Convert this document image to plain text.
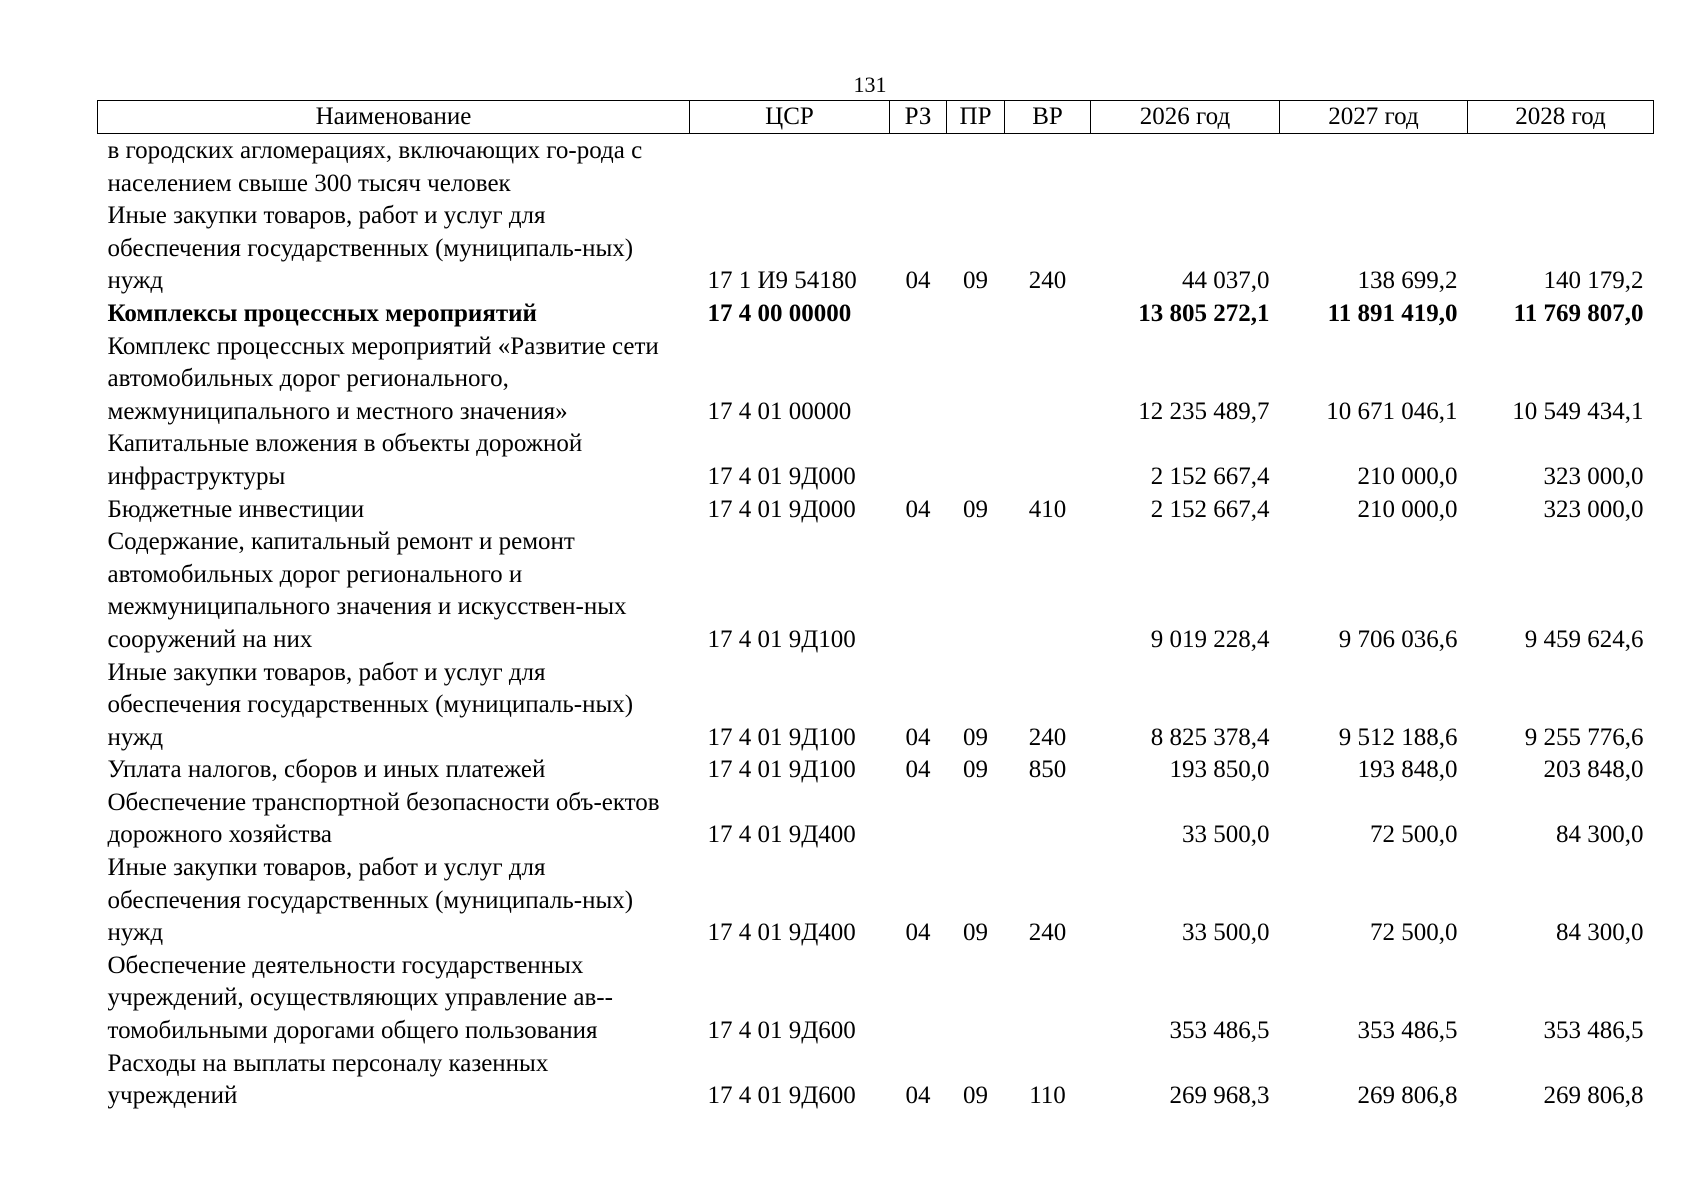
131
Наименование	ЦСР	РЗ	ПР	ВР	2026 год	2027 год	2028 год
в городских агломерациях, включающих го-рода с населением свыше 300 тысяч человек							
Иные закупки товаров, работ и услуг для обеспечения государственных (муниципаль-ных) нужд	17 1 И9 54180	04	09	240	44 037,0	138 699,2	140 179,2
Комплексы процессных мероприятий	17 4 00 00000				13 805 272,1	11 891 419,0	11 769 807,0
Комплекс процессных мероприятий «Развитие сети автомобильных дорог регионального, межмуниципального и местного значения»	17 4 01 00000				12 235 489,7	10 671 046,1	10 549 434,1
Капитальные вложения в объекты дорожной инфраструктуры	17 4 01 9Д000				2 152 667,4	210 000,0	323 000,0
Бюджетные инвестиции	17 4 01 9Д000	04	09	410	2 152 667,4	210 000,0	323 000,0
Содержание, капитальный ремонт и ремонт автомобильных дорог регионального и межмуниципального значения и искусствен-ных сооружений на них	17 4 01 9Д100				9 019 228,4	9 706 036,6	9 459 624,6
Иные закупки товаров, работ и услуг для обеспечения государственных (муниципаль-ных) нужд	17 4 01 9Д100	04	09	240	8 825 378,4	9 512 188,6	9 255 776,6
Уплата налогов, сборов и иных платежей	17 4 01 9Д100	04	09	850	193 850,0	193 848,0	203 848,0
Обеспечение транспортной безопасности объ-ектов дорожного хозяйства	17 4 01 9Д400				33 500,0	72 500,0	84 300,0
Иные закупки товаров, работ и услуг для обеспечения государственных (муниципаль-ных) нужд	17 4 01 9Д400	04	09	240	33 500,0	72 500,0	84 300,0
Обеспечение деятельности государственных учреждений, осуществляющих управление ав-томобильными дорогами общего пользования	17 4 01 9Д600				353 486,5	353 486,5	353 486,5
Расходы на выплаты персоналу казенных учреждений	17 4 01 9Д600	04	09	110	269 968,3	269 806,8	269 806,8
